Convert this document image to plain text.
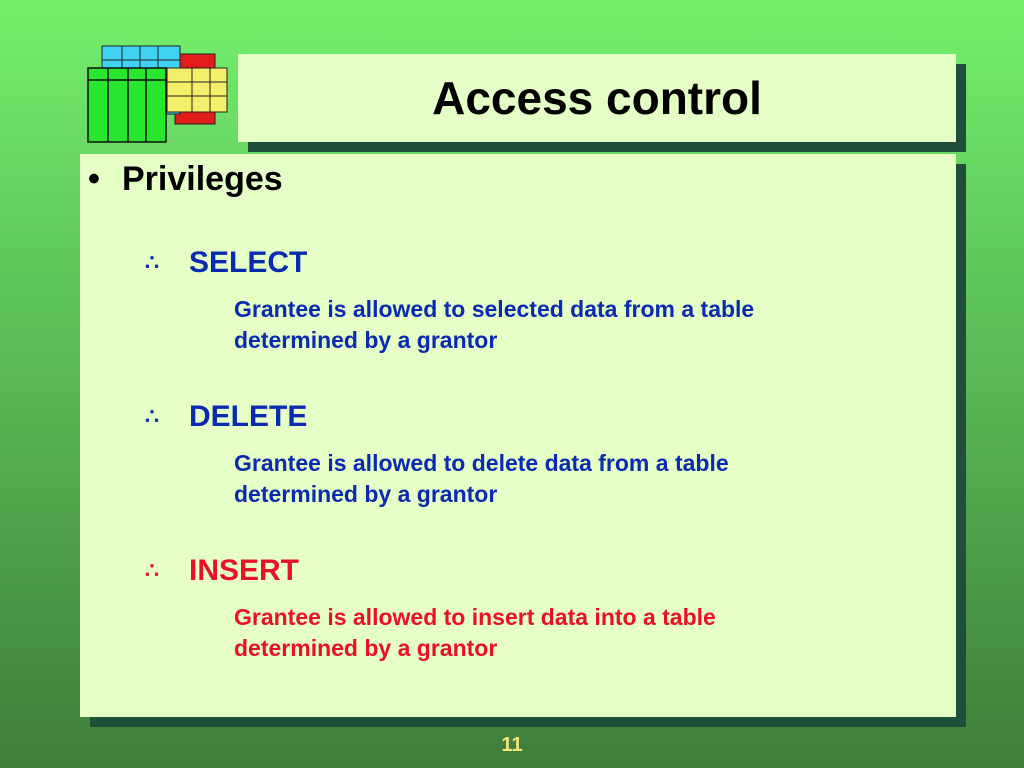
Access control
• Privileges
∴ SELECT
Grantee is allowed to selected data from a table
determined by a grantor
∴ DELETE
Grantee is allowed to delete data from a table
determined by a grantor
∴ INSERT
Grantee is allowed to insert data into a table
determined by a grantor
11
